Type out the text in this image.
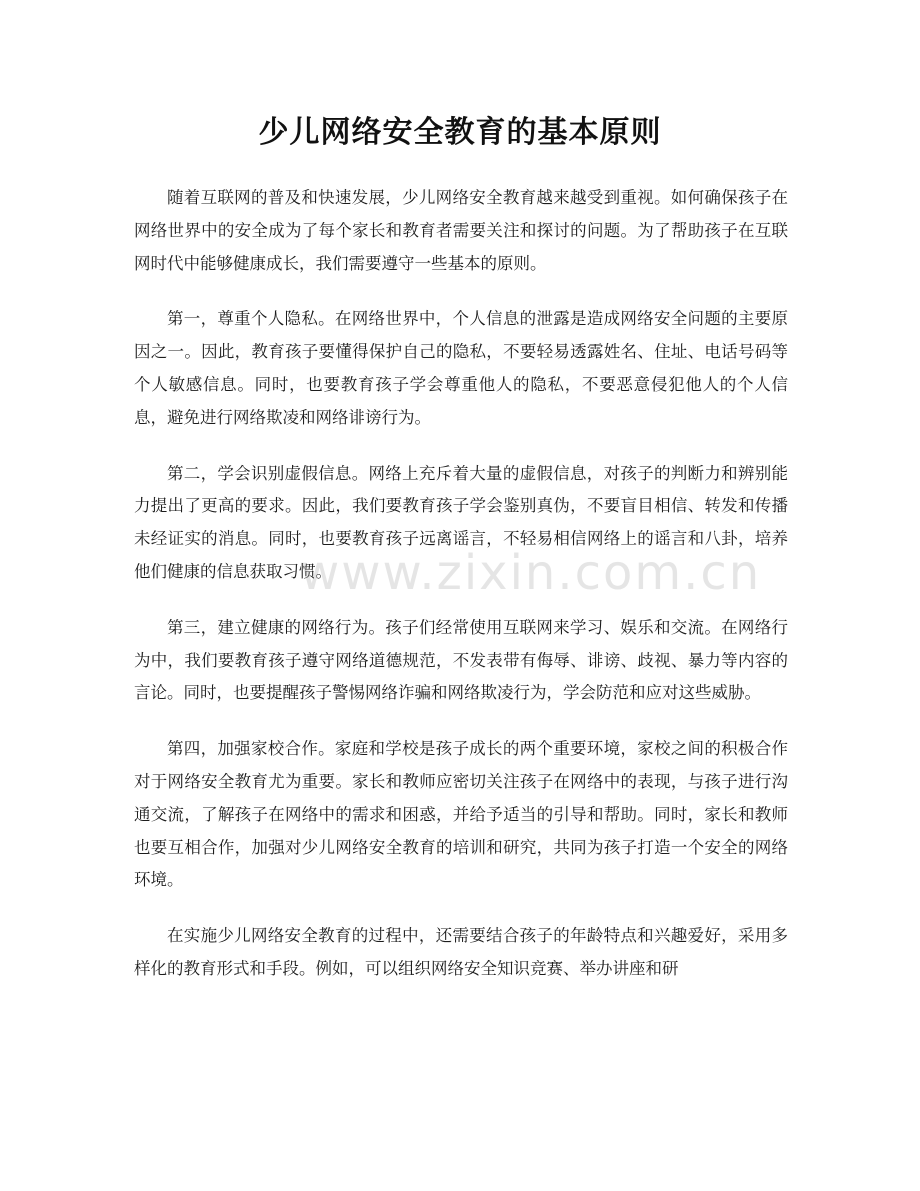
少儿网络安全教育的基本原则

随着互联网的普及和快速发展，少儿网络安全教育越来越受到重视。如何确保孩子在网络世界中的安全成为了每个家长和教育者需要关注和探讨的问题。为了帮助孩子在互联网时代中能够健康成长，我们需要遵守一些基本的原则。

第一，尊重个人隐私。在网络世界中，个人信息的泄露是造成网络安全问题的主要原因之一。因此，教育孩子要懂得保护自己的隐私，不要轻易透露姓名、住址、电话号码等个人敏感信息。同时，也要教育孩子学会尊重他人的隐私，不要恶意侵犯他人的个人信息，避免进行网络欺凌和网络诽谤行为。

第二，学会识别虚假信息。网络上充斥着大量的虚假信息，对孩子的判断力和辨别能力提出了更高的要求。因此，我们要教育孩子学会鉴别真伪，不要盲目相信、转发和传播未经证实的消息。同时，也要教育孩子远离谣言，不轻易相信网络上的谣言和八卦，培养他们健康的信息获取习惯。

第三，建立健康的网络行为。孩子们经常使用互联网来学习、娱乐和交流。在网络行为中，我们要教育孩子遵守网络道德规范，不发表带有侮辱、诽谤、歧视、暴力等内容的言论。同时，也要提醒孩子警惕网络诈骗和网络欺凌行为，学会防范和应对这些威胁。

第四，加强家校合作。家庭和学校是孩子成长的两个重要环境，家校之间的积极合作对于网络安全教育尤为重要。家长和教师应密切关注孩子在网络中的表现，与孩子进行沟通交流，了解孩子在网络中的需求和困惑，并给予适当的引导和帮助。同时，家长和教师也要互相合作，加强对少儿网络安全教育的培训和研究，共同为孩子打造一个安全的网络环境。

在实施少儿网络安全教育的过程中，还需要结合孩子的年龄特点和兴趣爱好，采用多样化的教育形式和手段。例如，可以组织网络安全知识竞赛、举办讲座和研

www.zixin.com.cn
